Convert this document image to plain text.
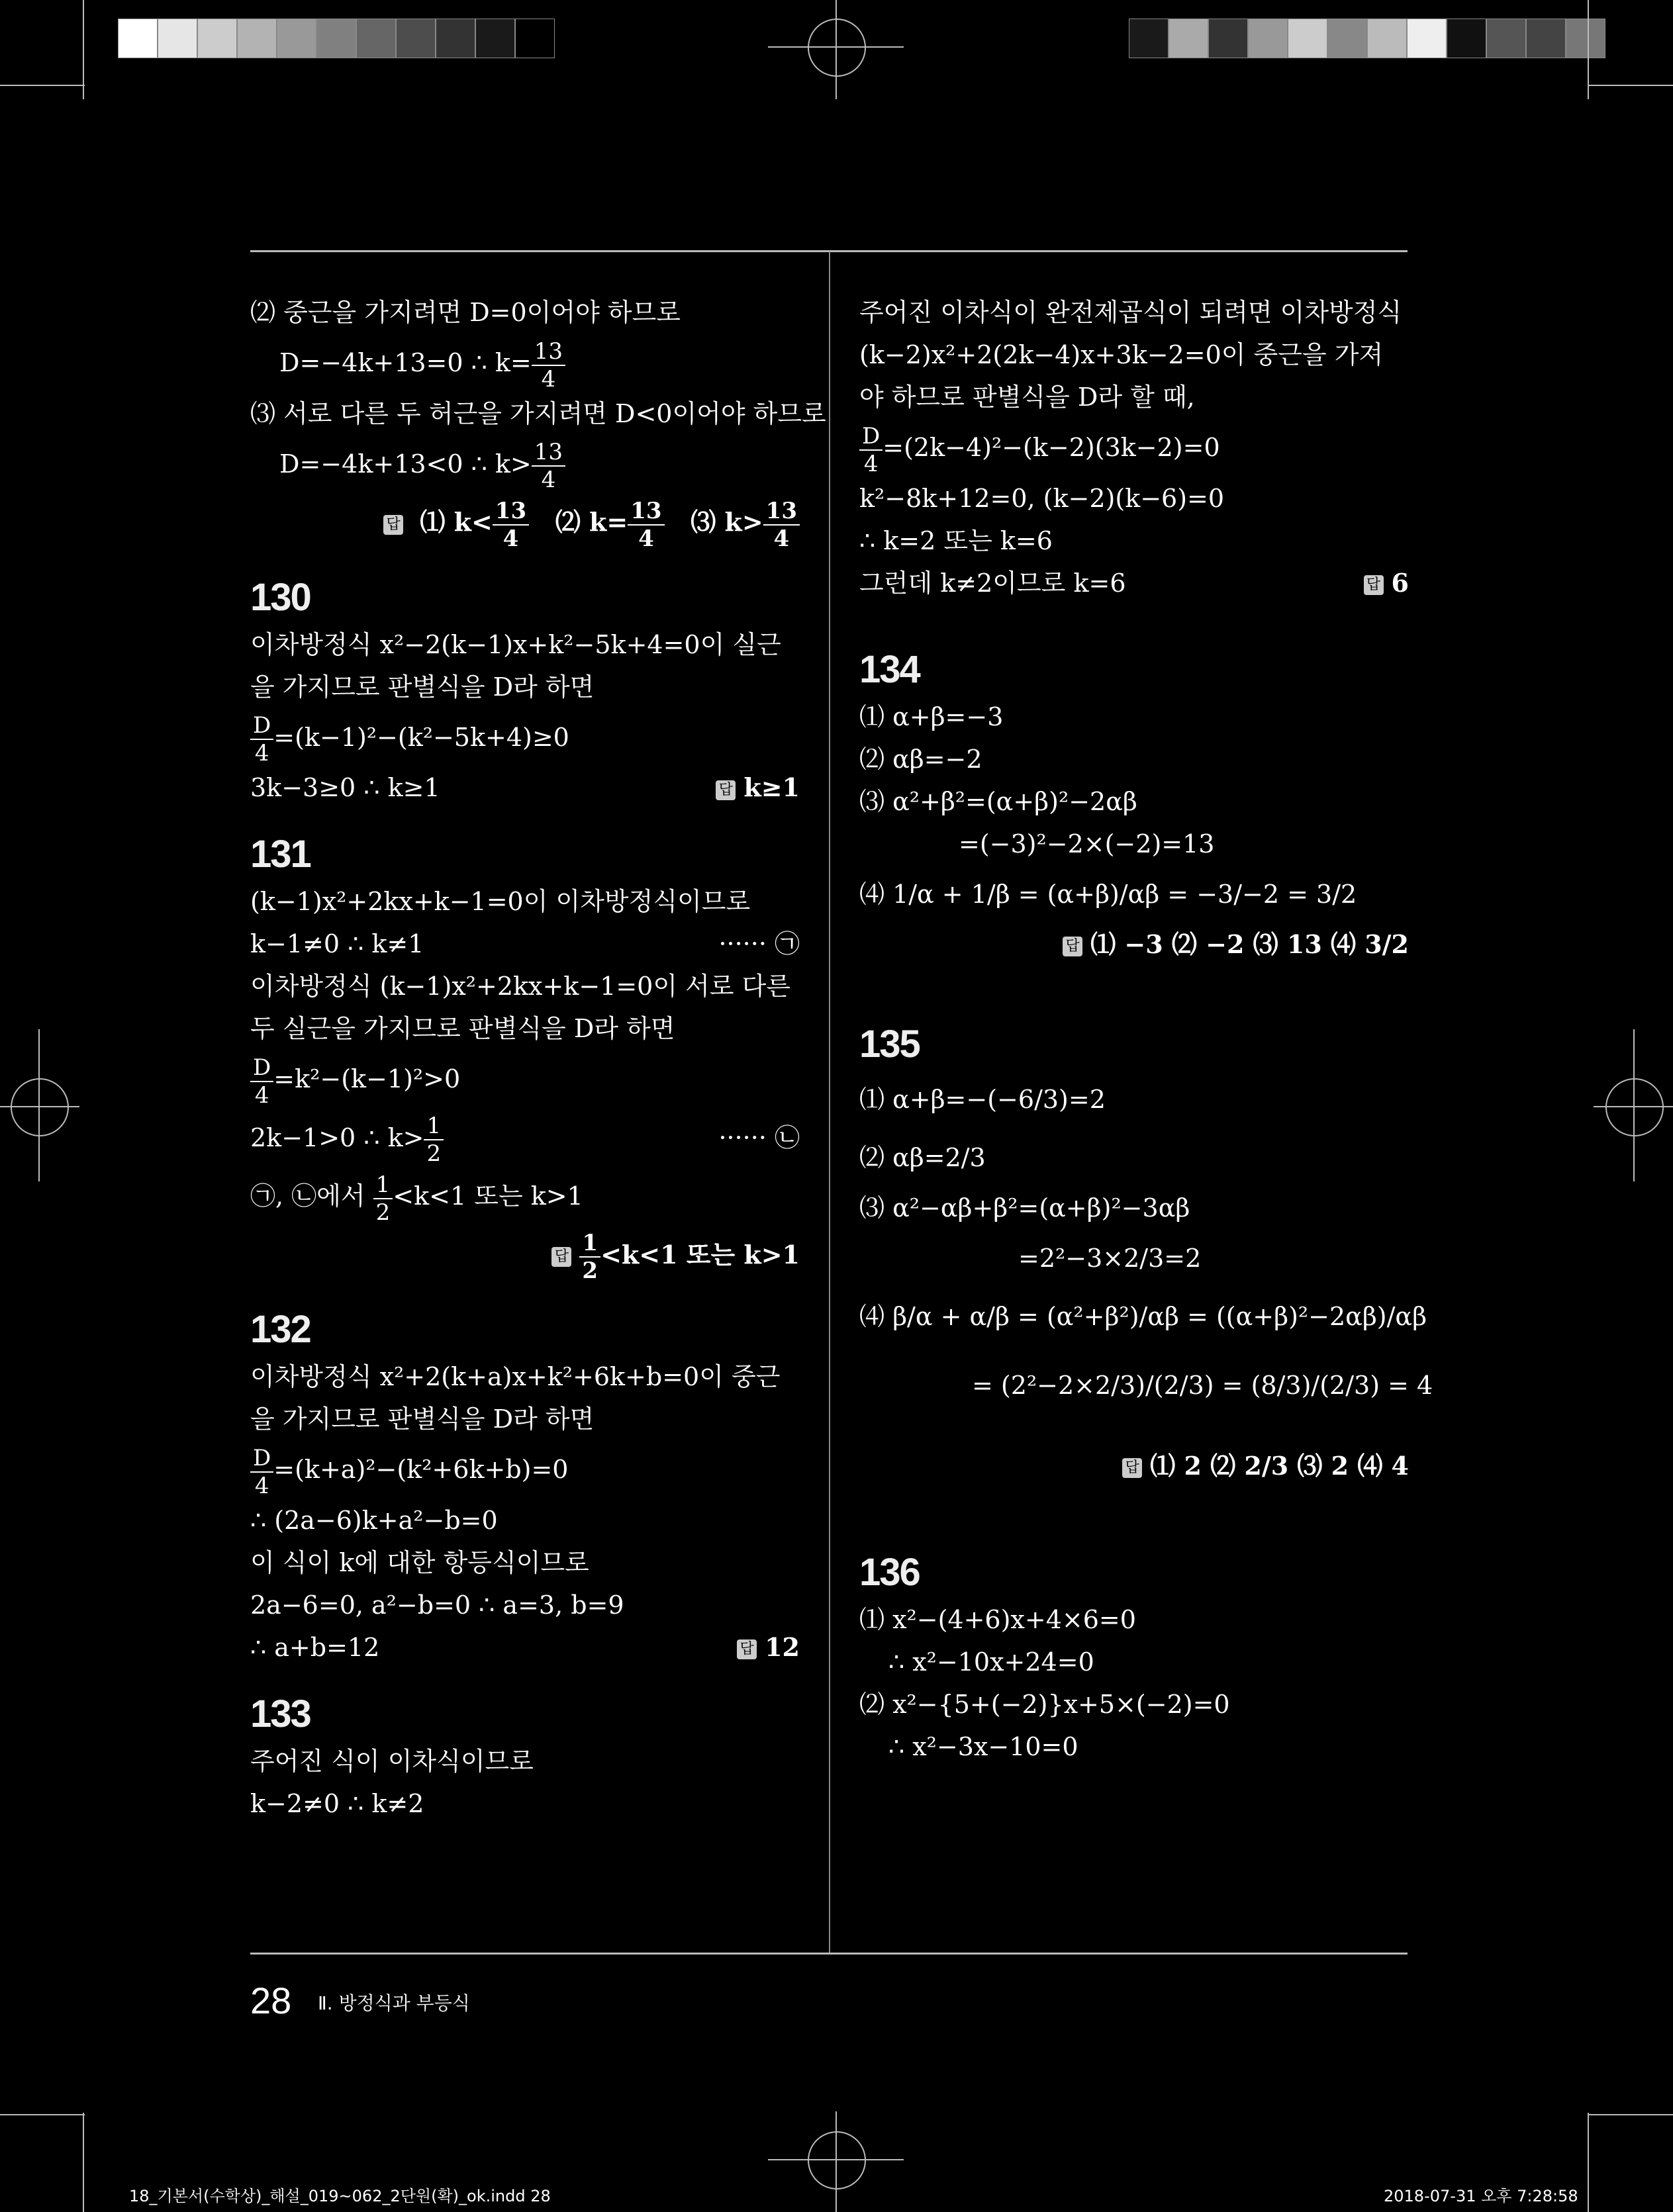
⑵ 중근을 가지려면 D=0이어야 하므로
D=−4k+13=0 ∴ $k= \frac{13}{4}$
⑶ 서로 다른 두 허근을 가지려면 D<0이어야 하므로
D=−4k+13<0 ∴ $k> \frac{13}{4}$
답 ⑴ $k< \frac{13}{4}$ ⑵ $k= \frac{13}{4}$ ⑶ $k> \frac{13}{4}$
130
이차방정식 x²−2(k−1)x+k²−5k+4=0이 실근
을 가지므로 판별식을 D라 하면
$\frac{D}{4} =(k-1)^2-(k^2-5k+4)\ge 0$
3k−3≥0 ∴ k≥1	답 k≥1
131
(k−1)x²+2kx+k−1=0이 이차방정식이므로
k−1≠0 ∴ k≠1	······ ㉠
이차방정식 (k−1)x²+2kx+k−1=0이 서로 다른
두 실근을 가지므로 판별식을 D라 하면
$\frac{D}{4} =k^2-(k-1)^2>0$
2k−1>0 ∴ $k> \frac{1}{2}$	······ ㉡
㉠, ㉡에서 $\frac{1}{2} <k<1$ 또는 k>1
답 $\frac{1}{2} <k<1$ 또는 k>1
132
이차방정식 x²+2(k+a)x+k²+6k+b=0이 중근
을 가지므로 판별식을 D라 하면
$\frac{D}{4} =(k+a)^2-(k^2+6k+b)=0$
∴ (2a−6)k+a²−b=0
이 식이 k에 대한 항등식이므로
2a−6=0, a²−b=0 ∴ a=3, b=9
∴ a+b=12	답 12
133
주어진 식이 이차식이므로
k−2≠0 ∴ k≠2
주어진 이차식이 완전제곱식이 되려면 이차방정식
(k−2)x²+2(2k−4)x+3k−2=0이 중근을 가져
야 하므로 판별식을 D라 할 때,
$\frac{D}{4} =(2k-4)^2-(k-2)(3k-2)=0$
k²−8k+12=0, (k−2)(k−6)=0
∴ k=2 또는 k=6
그런데 k≠2이므로 k=6	답 6
134
⑴ α+β=−3
⑵ αβ=−2
⑶ α²+β²=(α+β)²−2αβ
=(−3)²−2×(−2)=13
⑷ 1/α + 1/β = (α+β)/αβ = −3/−2 = 3/2
답 ⑴ −3 ⑵ −2 ⑶ 13 ⑷ 3/2
135
⑴ α+β=−(−6/3)=2
⑵ αβ=2/3
⑶ α²−αβ+β²=(α+β)²−3αβ
=2²−3×2/3=2
⑷ β/α + α/β = (α²+β²)/αβ = ((α+β)²−2αβ)/αβ
= (2²−2×2/3)/(2/3) = (8/3)/(2/3) = 4
답 ⑴ 2 ⑵ 2/3 ⑶ 2 ⑷ 4
136
⑴ x²−(4+6)x+4×6=0
∴ x²−10x+24=0
⑵ x²−{5+(−2)}x+5×(−2)=0
∴ x²−3x−10=0
28 Ⅱ. 방정식과 부등식
18_기본서(수학상)_해설_019~062_2단원(확)_ok.indd 28	2018-07-31 오후 7:28:58
